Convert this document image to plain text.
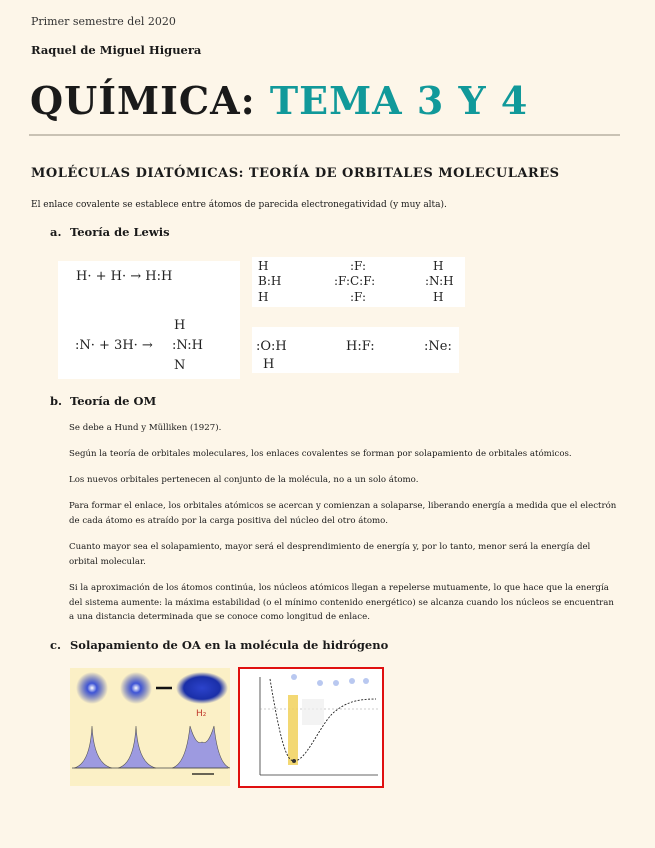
Primer semestre del 2020
Raquel de Miguel Higuera
QUÍMICA: TEMA 3 Y 4
MOLÉCULAS DIATÓMICAS: TEORÍA DE ORBITALES MOLECULARES
El enlace covalente se establece entre átomos de parecida electronegatividad (y muy alta).
a. Teoría de Lewis
H· + H· → H:H
H
:N· + 3H· → :N:H
N
H
B:H
H
:F:
:F:C:F:
:F:
H
:N:H
H
:O:H
H
H:F:	:Ne:
b. Teoría de OM
Se debe a Hund y Mülliken (1927).
Según la teoría de orbitales moleculares, los enlaces covalentes se forman por solapamiento de orbitales atómicos.
Los nuevos orbitales pertenecen al conjunto de la molécula, no a un solo átomo.
Para formar el enlace, los orbitales atómicos se acercan y comienzan a solaparse, liberando energía a medida que el electrón de cada átomo es atraído por la carga positiva del núcleo del otro átomo.
Cuanto mayor sea el solapamiento, mayor será el desprendimiento de energía y, por lo tanto, menor será la energía del orbital molecular.
Si la aproximación de los átomos continúa, los núcleos atómicos llegan a repelerse mutuamente, lo que hace que la energía del sistema aumente: la máxima estabilidad (o el mínimo contenido energético) se alcanza cuando los núcleos se encuentran a una distancia determinada que se conoce como longitud de enlace.
c. Solapamiento de OA en la molécula de hidrógeno
H₂
